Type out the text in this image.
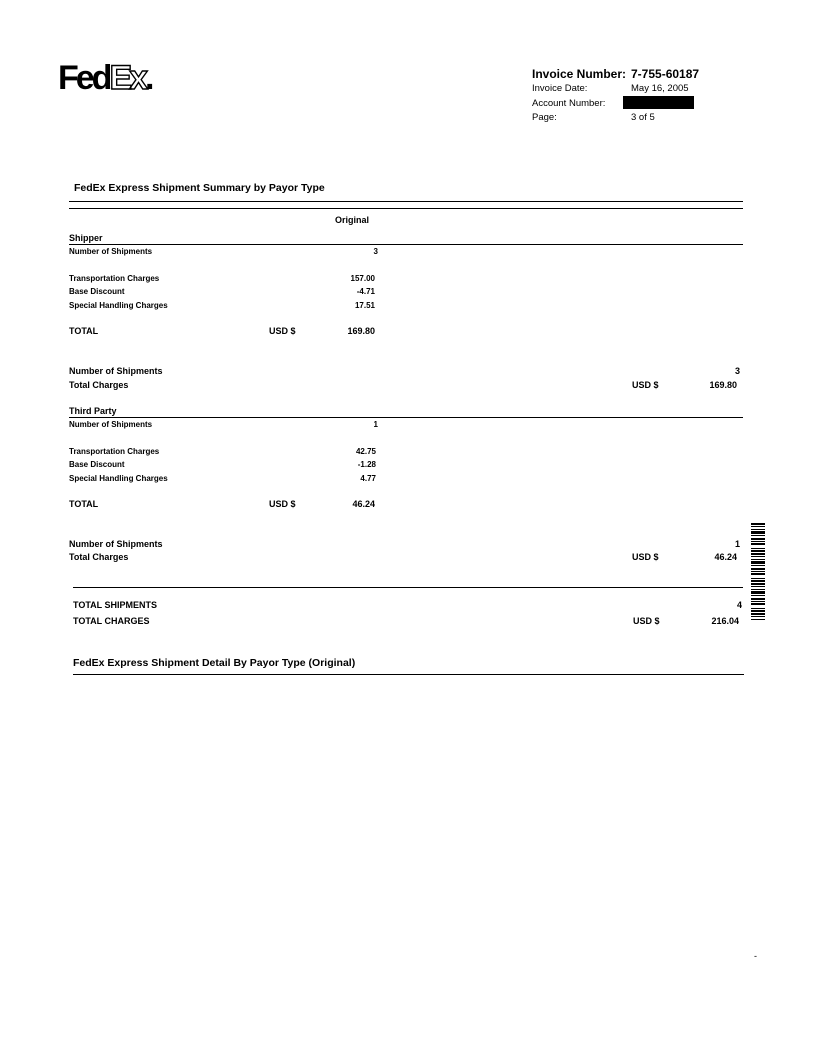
FedEx.	Invoice Number: 7-755-60187
Invoice Date:	May 16, 2005
Account Number:
Page:	3 of 5
FedEx Express Shipment Summary by Payor Type
Original
Shipper
Number of Shipments	3
Transportation Charges	157.00
Base Discount	-4.71
Special Handling Charges	17.51
TOTAL	USD $	169.80
Number of Shipments	3
Total Charges	USD $	169.80
Third Party
Number of Shipments	1
Transportation Charges	42.75
Base Discount	-1.28
Special Handling Charges	4.77
TOTAL	USD $	46.24
Number of Shipments	1
Total Charges	USD $	46.24
TOTAL SHIPMENTS	4
TOTAL CHARGES	USD $	216.04
FedEx Express Shipment Detail By Payor Type (Original)
-
